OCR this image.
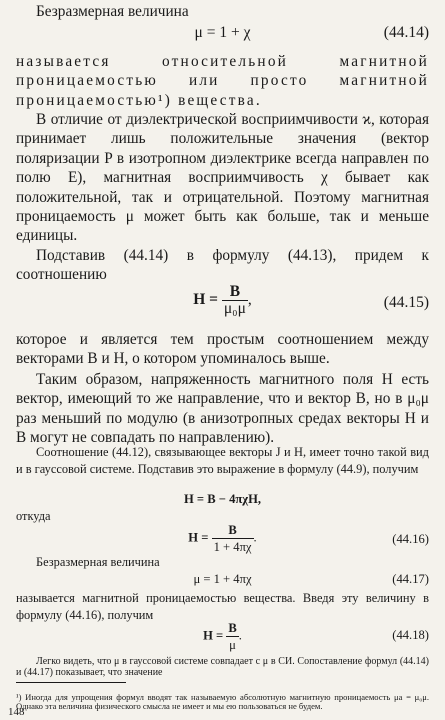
Безразмерная величина

μ = 1 + χ	(44.14)

называется относительной магнитной проницаемостью или просто магнитной проницаемостью¹) вещества.

В отличие от диэлектрической восприимчивости ϰ, которая принимает лишь положительные значения (вектор поляризации P в изотропном диэлектрике всегда направлен по полю E), магнитная восприимчивость χ бывает как положительной, так и отрицательной. Поэтому магнитная проницаемость μ может быть как больше, так и меньше единицы.

Подставив (44.14) в формулу (44.13), придем к соотношению

$H = \frac{B}{\text{μ₀μ}}$ ,	(44.15)

которое и является тем простым соотношением между векторами B и H, о котором упоминалось выше.

Таким образом, напряженность магнитного поля H есть вектор, имеющий то же направление, что и вектор B, но в μ₀μ раз меньший по модулю (в анизотропных средах векторы H и B могут не совпадать по направлению).

Соотношение (44.12), связывающее векторы J и H, имеет точно такой вид и в гауссовой системе. Подставив это выражение в формулу (44.9), получим

H = B − 4πχH,

откуда

$H = \frac{B}{1 + 4\pi\chi}$ .	(44.16)

Безразмерная величина

μ = 1 + 4πχ	(44.17)

называется магнитной проницаемостью вещества. Введя эту величину в формулу (44.16), получим

$H = \frac{B}{\mu}$ .	(44.18)

Легко видеть, что μ в гауссовой системе совпадает с μ в СИ. Сопоставление формул (44.14) и (44.17) показывает, что значение

¹) Иногда для упрощения формул вводят так называемую абсолютную магнитную проницаемость μа = μ₀μ. Однако эта величина физического смысла не имеет и мы ею пользоваться не будем.

148
